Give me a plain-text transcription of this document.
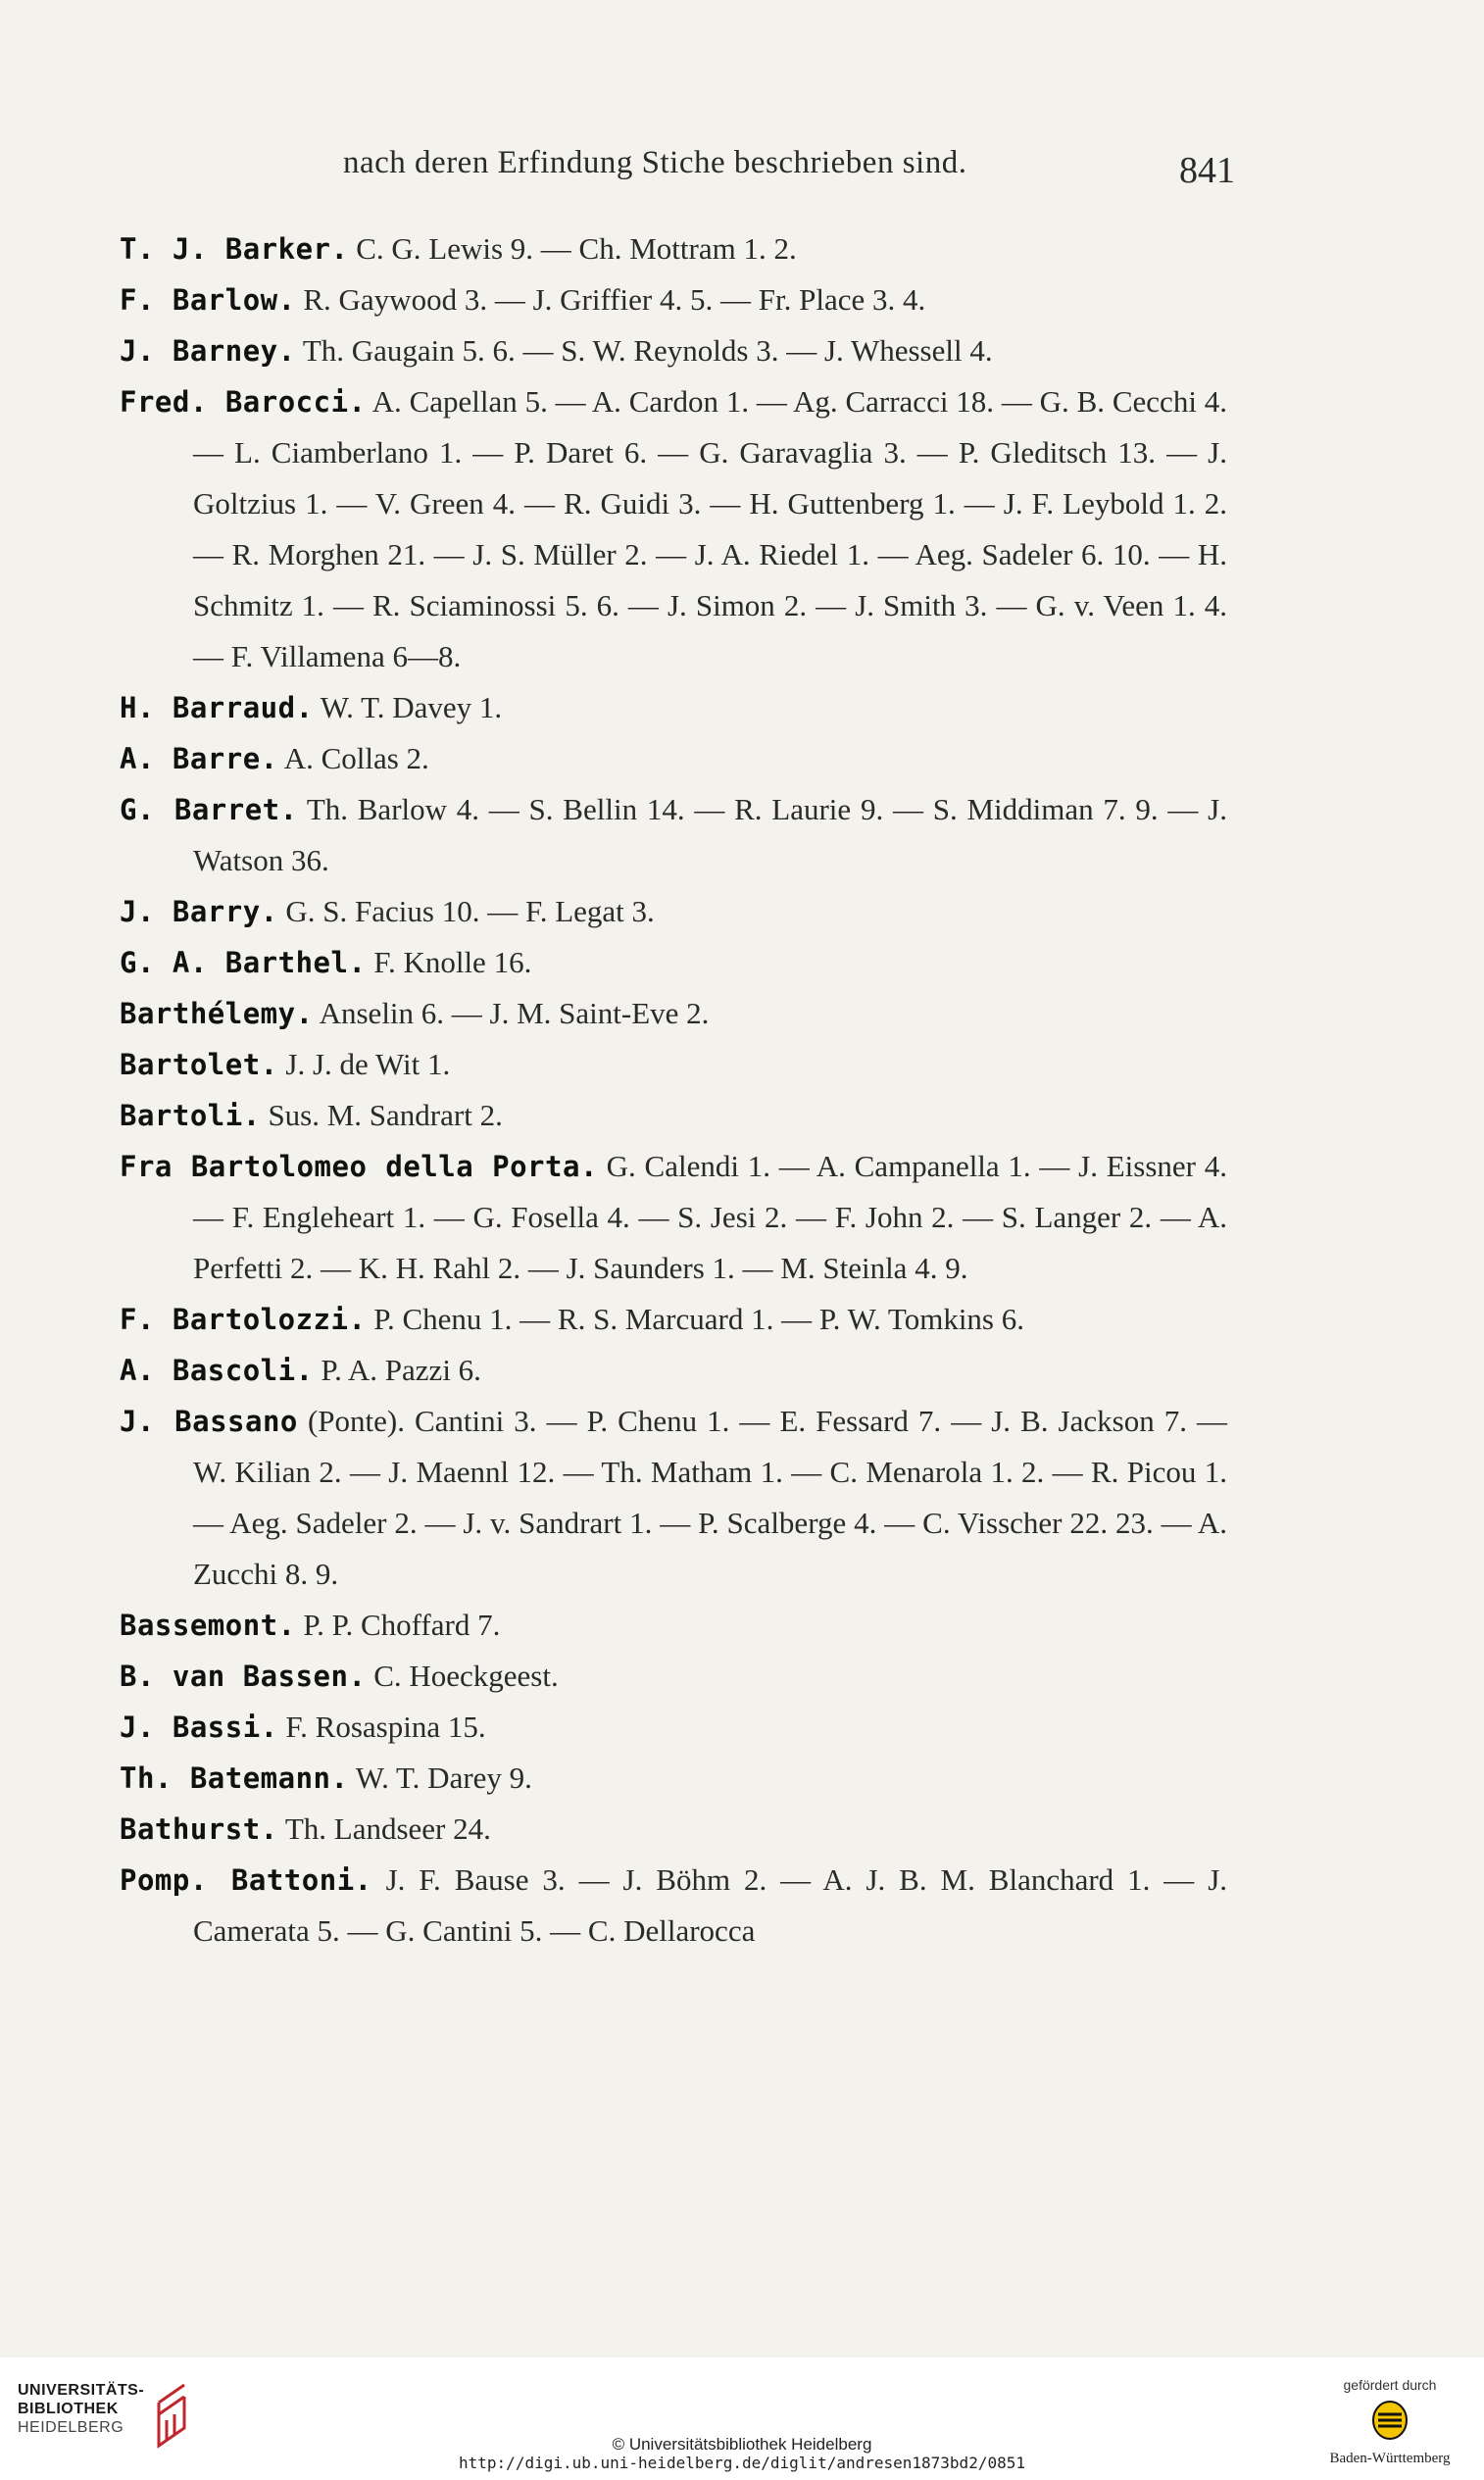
nach deren Erfindung Stiche beschrieben sind.	841
T. J. Barker. C. G. Lewis 9. — Ch. Mottram 1. 2.
F. Barlow. R. Gaywood 3. — J. Griffier 4. 5. — Fr. Place 3. 4.
J. Barney. Th. Gaugain 5. 6. — S. W. Reynolds 3. — J. Whessell 4.
Fred. Barocci. A. Capellan 5. — A. Cardon 1. — Ag. Carracci 18. — G. B. Cecchi 4. — L. Ciamberlano 1. — P. Daret 6. — G. Garavaglia 3. — P. Gleditsch 13. — J. Goltzius 1. — V. Green 4. — R. Guidi 3. — H. Guttenberg 1. — J. F. Leybold 1. 2. — R. Morghen 21. — J. S. Müller 2. — J. A. Riedel 1. — Aeg. Sadeler 6. 10. — H. Schmitz 1. — R. Sciaminossi 5. 6. — J. Simon 2. — J. Smith 3. — G. v. Veen 1. 4. — F. Villamena 6—8.
H. Barraud. W. T. Davey 1.
A. Barre. A. Collas 2.
G. Barret. Th. Barlow 4. — S. Bellin 14. — R. Laurie 9. — S. Middiman 7. 9. — J. Watson 36.
J. Barry. G. S. Facius 10. — F. Legat 3.
G. A. Barthel. F. Knolle 16.
Barthélemy. Anselin 6. — J. M. Saint-Eve 2.
Bartolet. J. J. de Wit 1.
Bartoli. Sus. M. Sandrart 2.
Fra Bartolomeo della Porta. G. Calendi 1. — A. Campanella 1. — J. Eissner 4. — F. Engleheart 1. — G. Fosella 4. — S. Jesi 2. — F. John 2. — S. Langer 2. — A. Perfetti 2. — K. H. Rahl 2. — J. Saunders 1. — M. Steinla 4. 9.
F. Bartolozzi. P. Chenu 1. — R. S. Marcuard 1. — P. W. Tomkins 6.
A. Bascoli. P. A. Pazzi 6.
J. Bassano (Ponte). Cantini 3. — P. Chenu 1. — E. Fessard 7. — J. B. Jackson 7. — W. Kilian 2. — J. Maennl 12. — Th. Matham 1. — C. Menarola 1. 2. — R. Picou 1. — Aeg. Sadeler 2. — J. v. Sandrart 1. — P. Scalberge 4. — C. Visscher 22. 23. — A. Zucchi 8. 9.
Bassemont. P. P. Choffard 7.
B. van Bassen. C. Hoeckgeest.
J. Bassi. F. Rosaspina 15.
Th. Batemann. W. T. Darey 9.
Bathurst. Th. Landseer 24.
Pomp. Battoni. J. F. Bause 3. — J. Böhm 2. — A. J. B. M. Blanchard 1. — J. Camerata 5. — G. Cantini 5. — C. Dellarocca
UNIVERSITÄTS-
BIBLIOTHEK
HEIDELBERG
© Universitätsbibliothek Heidelberg
http://digi.ub.uni-heidelberg.de/diglit/andresen1873bd2/0851
gefördert durch
Baden-Württemberg
